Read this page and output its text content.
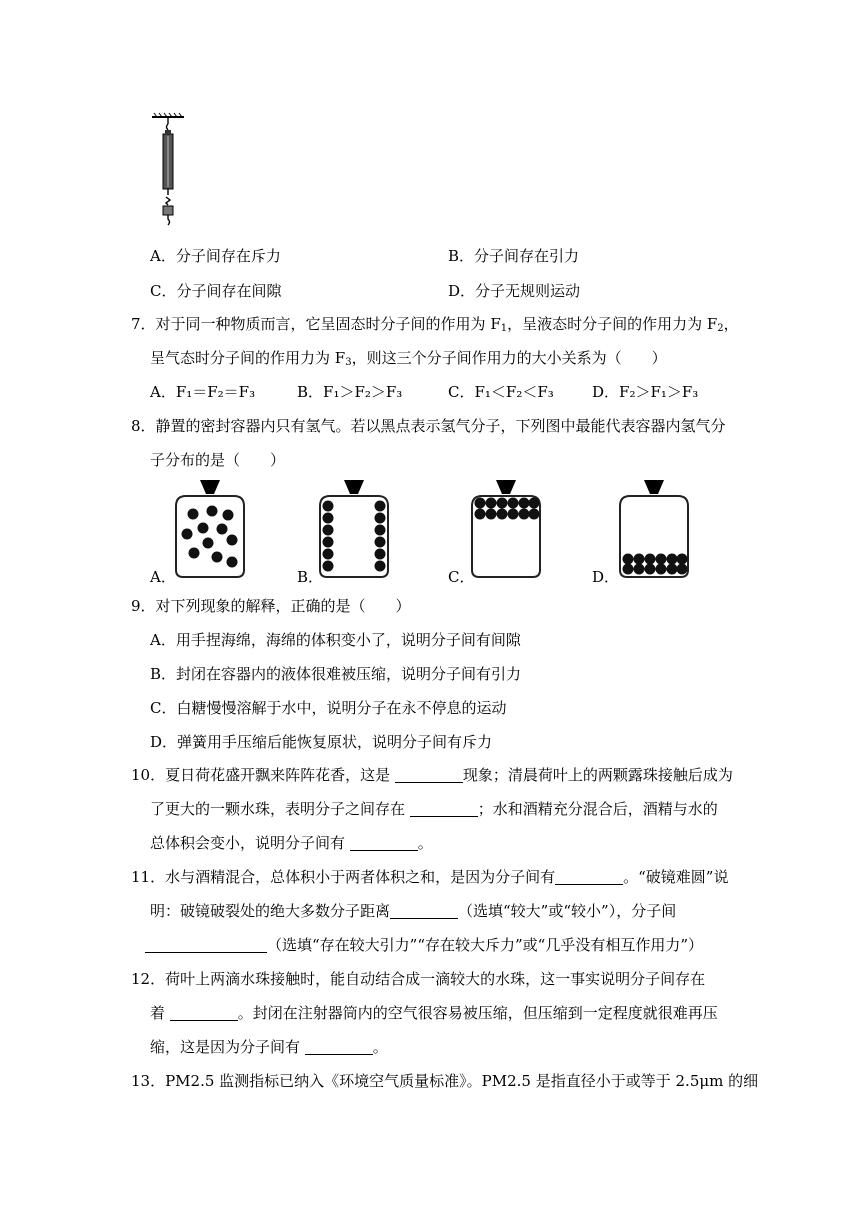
A．分子间存在斥力	B．分子间存在引力
C．分子间存在间隙	D．分子无规则运动
7．对于同一种物质而言，它呈固态时分子间的作用为 $F_1$，呈液态时分子间的作用力为 $F_2$，
呈气态时分子间的作用力为 $F_3$，则这三个分子间作用力的大小关系为（　　）
A．F₁＝F₂＝F₃	B．F₁＞F₂＞F₃	C．F₁＜F₂＜F₃	D．F₂＞F₁＞F₃
8．静置的密封容器内只有氢气。若以黑点表示氢气分子，下列图中最能代表容器内氢气分
子分布的是（　　）
A．	B．	C．	D．
9．对下列现象的解释，正确的是（　　）
A．用手捏海绵，海绵的体积变小了，说明分子间有间隙
B．封闭在容器内的液体很难被压缩，说明分子间有引力
C．白糖慢慢溶解于水中，说明分子在永不停息的运动
D．弹簧用手压缩后能恢复原状，说明分子间有斥力
10．夏日荷花盛开飘来阵阵花香，这是	现象；清晨荷叶上的两颗露珠接触后成为
了更大的一颗水珠，表明分子之间存在	；水和酒精充分混合后，酒精与水的
总体积会变小，说明分子间有	。
11．水与酒精混合，总体积小于两者体积之和，是因为分子间有	。“破镜难圆”说
明：破镜破裂处的绝大多数分子距离	（选填“较大”或“较小”），分子间
（选填“存在较大引力”“存在较大斥力”或“几乎没有相互作用力”）
12．荷叶上两滴水珠接触时，能自动结合成一滴较大的水珠，这一事实说明分子间存在
着	。封闭在注射器筒内的空气很容易被压缩，但压缩到一定程度就很难再压
缩，这是因为分子间有	。
13．PM2.5 监测指标已纳入《环境空气质量标准》。PM2.5 是指直径小于或等于 2.5μm 的细
